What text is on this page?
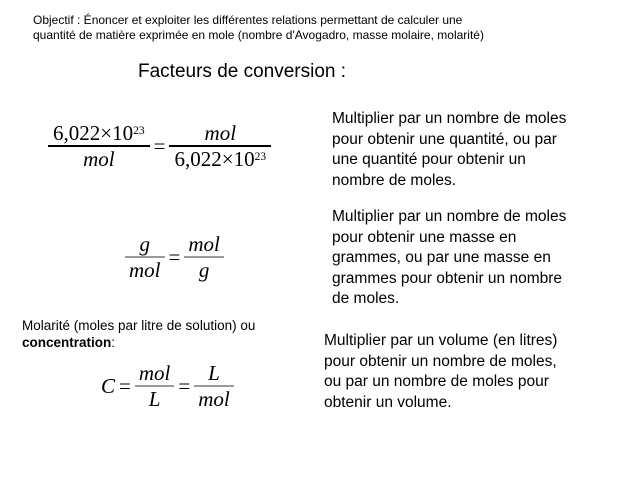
Objectif : Énoncer et exploiter les différentes relations permettant de calculer une
quantité de matière exprimée en mole (nombre d'Avogadro, masse molaire, molarité)
Facteurs de conversion :
$\frac{6,022\times 10^{23}}{\text{mol}} = \frac{\text{mol}}{6,022\times 10^{23}}$
Multiplier par un nombre de moles
pour obtenir une quantité, ou par
une quantité pour obtenir un
nombre de moles.
$\frac{g}{\text{mol}} = \frac{\text{mol}}{g}$
Multiplier par un nombre de moles
pour obtenir une masse en
grammes, ou par une masse en
grammes pour obtenir un nombre
de moles.
Molarité (moles par litre de solution) ou
concentration:
$C = \frac{\text{mol}}{L} = \frac{L}{\text{mol}}$
Multiplier par un volume (en litres)
pour obtenir un nombre de moles,
ou par un nombre de moles pour
obtenir un volume.
